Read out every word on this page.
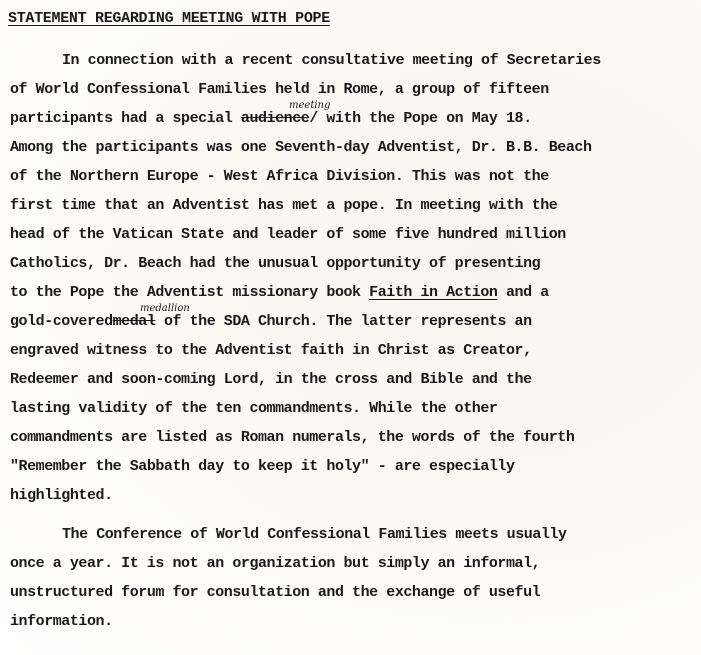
STATEMENT REGARDING MEETING WITH POPE
In connection with a recent consultative meeting of Secretaries
of World Confessional Families held in Rome, a group of fifteen
participants had a special audience/ with the Pope on May 18.
meeting
Among the participants was one Seventh-day Adventist, Dr. B.B. Beach
of the Northern Europe - West Africa Division. This was not the
first time that an Adventist has met a pope. In meeting with the
head of the Vatican State and leader of some five hundred million
Catholics, Dr. Beach had the unusual opportunity of presenting
to the Pope the Adventist missionary book Faith in Action and a
gold-coveredmedal of the SDA Church. The latter represents an
medallion
engraved witness to the Adventist faith in Christ as Creator,
Redeemer and soon-coming Lord, in the cross and Bible and the
lasting validity of the ten commandments. While the other
commandments are listed as Roman numerals, the words of the fourth
"Remember the Sabbath day to keep it holy" - are especially
highlighted.
The Conference of World Confessional Families meets usually
once a year. It is not an organization but simply an informal,
unstructured forum for consultation and the exchange of useful
information.
